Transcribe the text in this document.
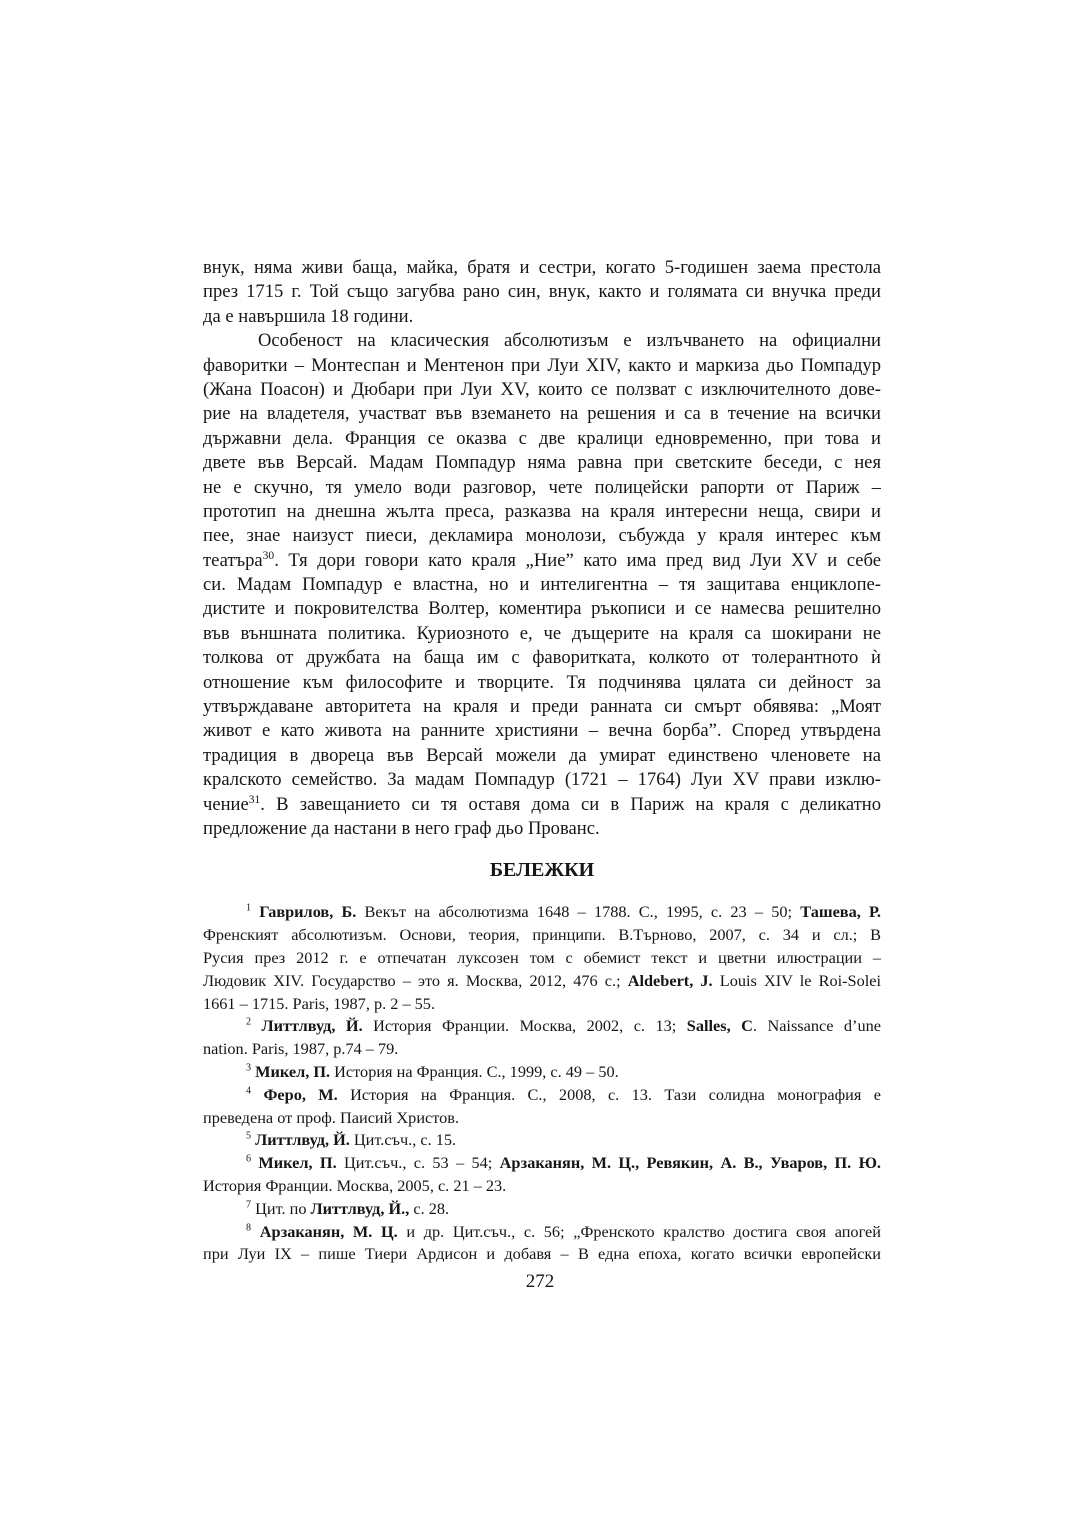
внук, няма живи баща, майка, братя и сестри, когато 5-годишен заема престола
през 1715 г. Той също загубва рано син, внук, както и голямата си внучка преди
да е навършила 18 години.
Особеност на класическия абсолютизъм е излъчването на официални
фаворитки – Монтеспан и Ментенон при Луи XIV, както и маркиза дьо Помпадур
(Жана Поасон) и Дюбари при Луи XV, които се ползват с изключителното дове-
рие на владетеля, участват във вземането на решения и са в течение на всички
държавни дела. Франция се оказва с две кралици едновременно, при това и
двете във Версай. Мадам Помпадур няма равна при светските беседи, с нея
не е скучно, тя умело води разговор, чете полицейски рапорти от Париж –
прототип на днешна жълта преса, разказва на краля интересни неща, свири и
пее, знае наизуст пиеси, декламира монолози, събужда у краля интерес към
театъра$^{30}$. Тя дори говори като краля „Ние” като има пред вид Луи XV и себе
си. Мадам Помпадур е властна, но и интелигентна – тя защитава енциклопе-
дистите и покровителства Волтер, коментира ръкописи и се намесва решително
във външната политика. Куриозното е, че дъщерите на краля са шокирани не
толкова от дружбата на баща им с фаворитката, колкото от толерантното ѝ
отношение към философите и творците. Тя подчинява цялата си дейност за
утвърждаване авторитета на краля и преди ранната си смърт обявява: „Моят
живот е като живота на ранните християни – вечна борба”. Според утвърдена
традиция в двореца във Версай можели да умират единствено членовете на
кралското семейство. За мадам Помпадур (1721 – 1764) Луи XV прави изклю-
чение$^{31}$. В завещанието си тя оставя дома си в Париж на краля с деликатно
предложение да настани в него граф дьо Прованс.
БЕЛЕЖКИ
$^1$ Гаврилов, Б. Векът на абсолютизма 1648 – 1788. С., 1995, с. 23 – 50; Ташева, Р.
Френският абсолютизъм. Основи, теория, принципи. В.Търново, 2007, с. 34 и сл.; В
Русия през 2012 г. е отпечатан луксозен том с обемист текст и цветни илюстрации –
Людовик XIV. Государство – это я. Москва, 2012, 476 с.; Aldebert, J. Louis XIV le Roi-Solei
1661 – 1715. Paris, 1987, p. 2 – 55.
$^2$ Литтлвуд, Й. История Франции. Москва, 2002, с. 13; Salles, C. Naissance d’une
nation. Paris, 1987, p.74 – 79.
$^3$ Микел, П. История на Франция. С., 1999, с. 49 – 50.
$^4$ Феро, М. История на Франция. С., 2008, с. 13. Тази солидна монография е
преведена от проф. Паисий Христов.
$^5$ Литтлвуд, Й. Цит.съч., с. 15.
$^6$ Микел, П. Цит.съч., с. 53 – 54; Арзаканян, М. Ц., Ревякин, А. В., Уваров, П. Ю.
История Франции. Москва, 2005, с. 21 – 23.
$^7$ Цит. по Литтлвуд, Й., с. 28.
$^8$ Арзаканян, М. Ц. и др. Цит.съч., с. 56; „Френското кралство достига своя апогей
при Луи IX – пише Тиери Ардисон и добавя – В една епоха, когато всички европейски
272
